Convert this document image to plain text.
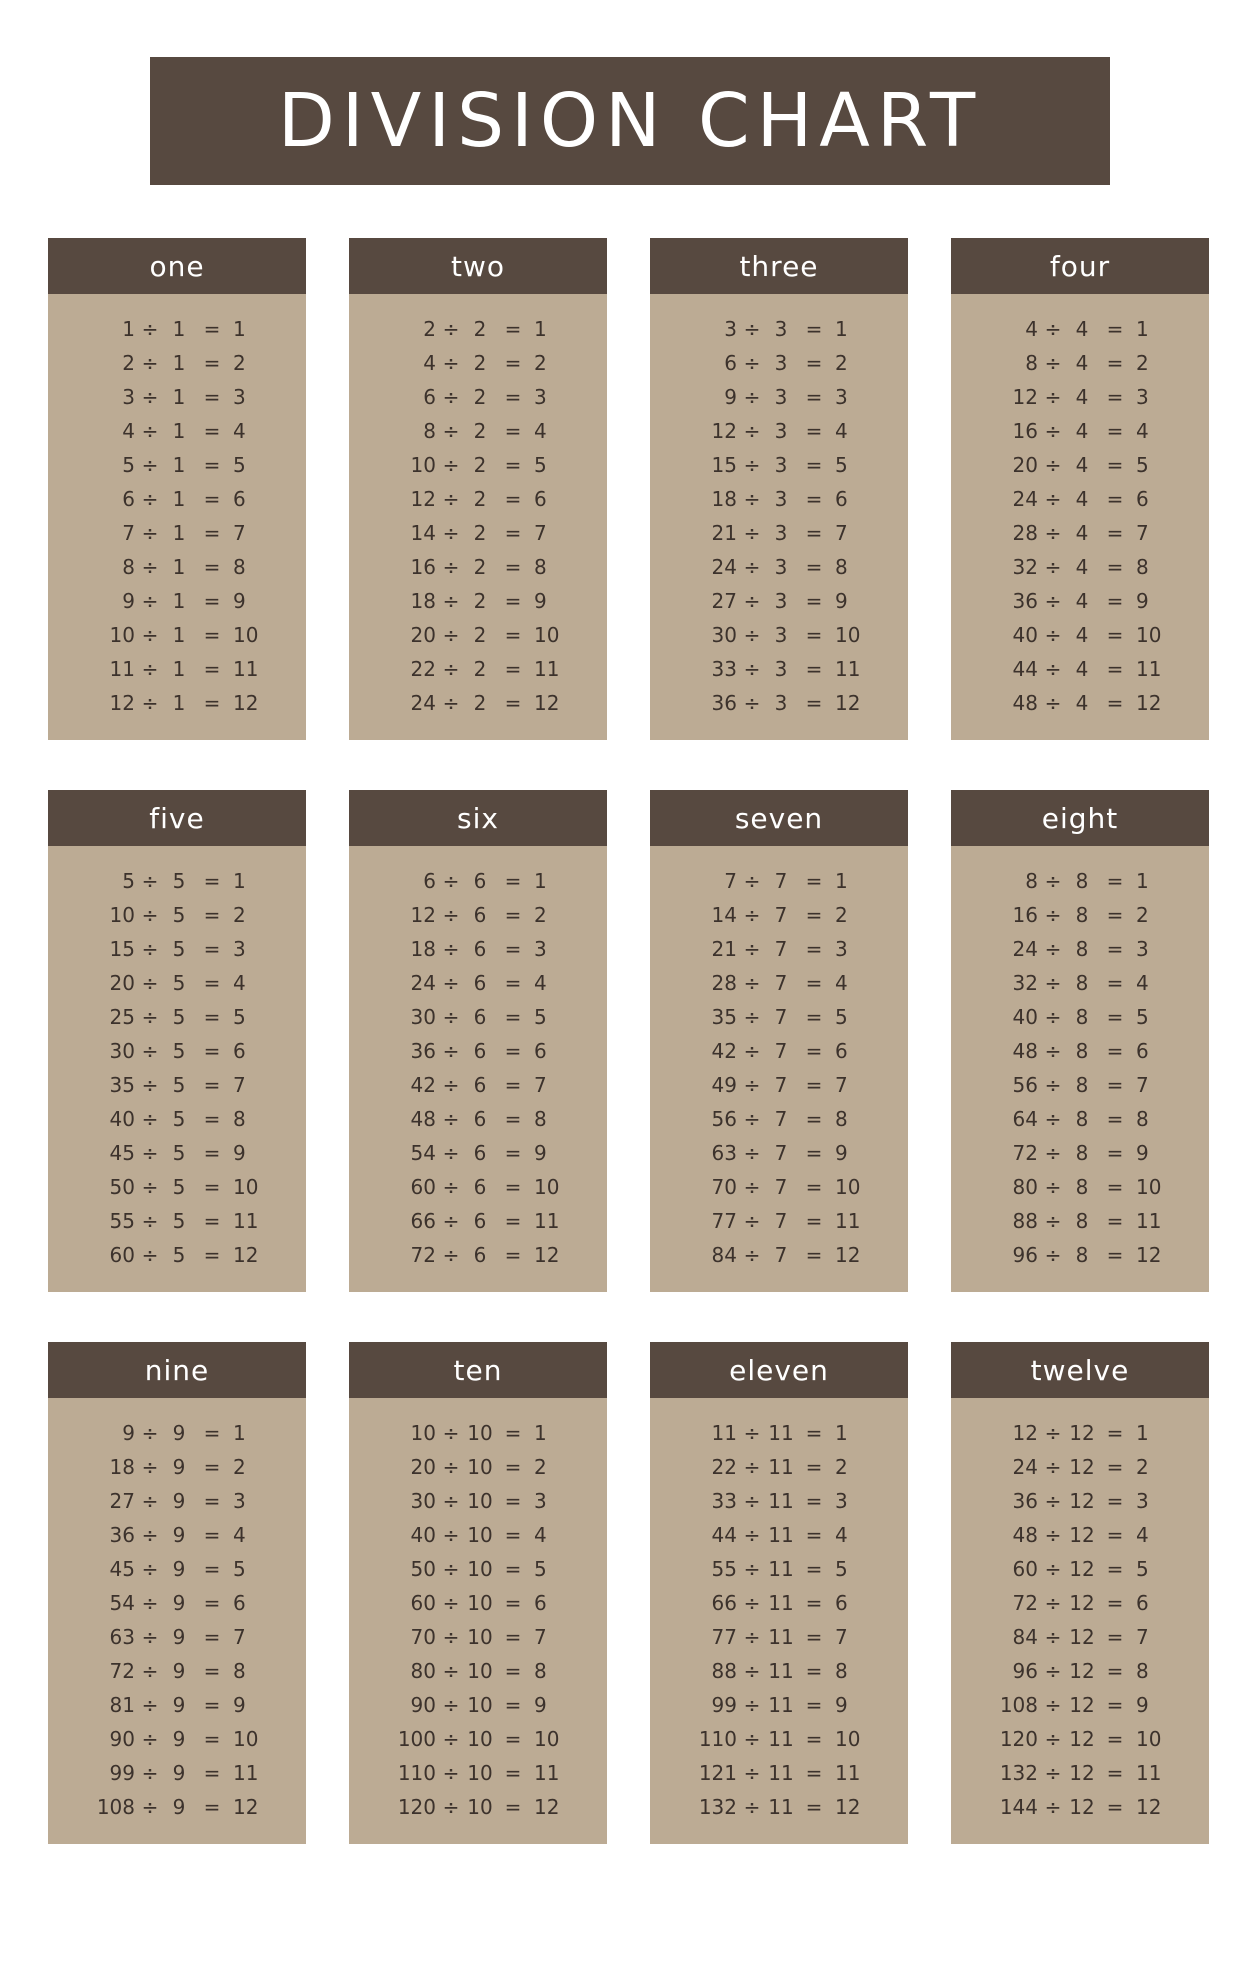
DIVISION CHART
one
1 ÷ 1 = 1
2 ÷ 1 = 2
3 ÷ 1 = 3
4 ÷ 1 = 4
5 ÷ 1 = 5
6 ÷ 1 = 6
7 ÷ 1 = 7
8 ÷ 1 = 8
9 ÷ 1 = 9
10 ÷ 1 = 10
11 ÷ 1 = 11
12 ÷ 1 = 12
two
2 ÷ 2 = 1
4 ÷ 2 = 2
6 ÷ 2 = 3
8 ÷ 2 = 4
10 ÷ 2 = 5
12 ÷ 2 = 6
14 ÷ 2 = 7
16 ÷ 2 = 8
18 ÷ 2 = 9
20 ÷ 2 = 10
22 ÷ 2 = 11
24 ÷ 2 = 12
three
3 ÷ 3 = 1
6 ÷ 3 = 2
9 ÷ 3 = 3
12 ÷ 3 = 4
15 ÷ 3 = 5
18 ÷ 3 = 6
21 ÷ 3 = 7
24 ÷ 3 = 8
27 ÷ 3 = 9
30 ÷ 3 = 10
33 ÷ 3 = 11
36 ÷ 3 = 12
four
4 ÷ 4 = 1
8 ÷ 4 = 2
12 ÷ 4 = 3
16 ÷ 4 = 4
20 ÷ 4 = 5
24 ÷ 4 = 6
28 ÷ 4 = 7
32 ÷ 4 = 8
36 ÷ 4 = 9
40 ÷ 4 = 10
44 ÷ 4 = 11
48 ÷ 4 = 12
five
5 ÷ 5 = 1
10 ÷ 5 = 2
15 ÷ 5 = 3
20 ÷ 5 = 4
25 ÷ 5 = 5
30 ÷ 5 = 6
35 ÷ 5 = 7
40 ÷ 5 = 8
45 ÷ 5 = 9
50 ÷ 5 = 10
55 ÷ 5 = 11
60 ÷ 5 = 12
six
6 ÷ 6 = 1
12 ÷ 6 = 2
18 ÷ 6 = 3
24 ÷ 6 = 4
30 ÷ 6 = 5
36 ÷ 6 = 6
42 ÷ 6 = 7
48 ÷ 6 = 8
54 ÷ 6 = 9
60 ÷ 6 = 10
66 ÷ 6 = 11
72 ÷ 6 = 12
seven
7 ÷ 7 = 1
14 ÷ 7 = 2
21 ÷ 7 = 3
28 ÷ 7 = 4
35 ÷ 7 = 5
42 ÷ 7 = 6
49 ÷ 7 = 7
56 ÷ 7 = 8
63 ÷ 7 = 9
70 ÷ 7 = 10
77 ÷ 7 = 11
84 ÷ 7 = 12
eight
8 ÷ 8 = 1
16 ÷ 8 = 2
24 ÷ 8 = 3
32 ÷ 8 = 4
40 ÷ 8 = 5
48 ÷ 8 = 6
56 ÷ 8 = 7
64 ÷ 8 = 8
72 ÷ 8 = 9
80 ÷ 8 = 10
88 ÷ 8 = 11
96 ÷ 8 = 12
nine
9 ÷ 9 = 1
18 ÷ 9 = 2
27 ÷ 9 = 3
36 ÷ 9 = 4
45 ÷ 9 = 5
54 ÷ 9 = 6
63 ÷ 9 = 7
72 ÷ 9 = 8
81 ÷ 9 = 9
90 ÷ 9 = 10
99 ÷ 9 = 11
108 ÷ 9 = 12
ten
10 ÷ 10 = 1
20 ÷ 10 = 2
30 ÷ 10 = 3
40 ÷ 10 = 4
50 ÷ 10 = 5
60 ÷ 10 = 6
70 ÷ 10 = 7
80 ÷ 10 = 8
90 ÷ 10 = 9
100 ÷ 10 = 10
110 ÷ 10 = 11
120 ÷ 10 = 12
eleven
11 ÷ 11 = 1
22 ÷ 11 = 2
33 ÷ 11 = 3
44 ÷ 11 = 4
55 ÷ 11 = 5
66 ÷ 11 = 6
77 ÷ 11 = 7
88 ÷ 11 = 8
99 ÷ 11 = 9
110 ÷ 11 = 10
121 ÷ 11 = 11
132 ÷ 11 = 12
twelve
12 ÷ 12 = 1
24 ÷ 12 = 2
36 ÷ 12 = 3
48 ÷ 12 = 4
60 ÷ 12 = 5
72 ÷ 12 = 6
84 ÷ 12 = 7
96 ÷ 12 = 8
108 ÷ 12 = 9
120 ÷ 12 = 10
132 ÷ 12 = 11
144 ÷ 12 = 12
